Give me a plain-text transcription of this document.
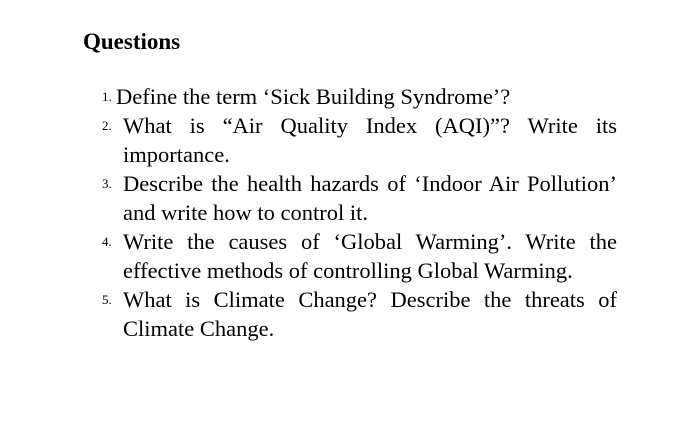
Questions
1. Define the term ‘Sick Building Syndrome’?
2. What is “Air Quality Index (AQI)”? Write its importance.
3. Describe the health hazards of ‘Indoor Air Pollution’ and write how to control it.
4. Write the causes of ‘Global Warming’. Write the effective methods of controlling Global Warming.
5. What is Climate Change? Describe the threats of Climate Change.
